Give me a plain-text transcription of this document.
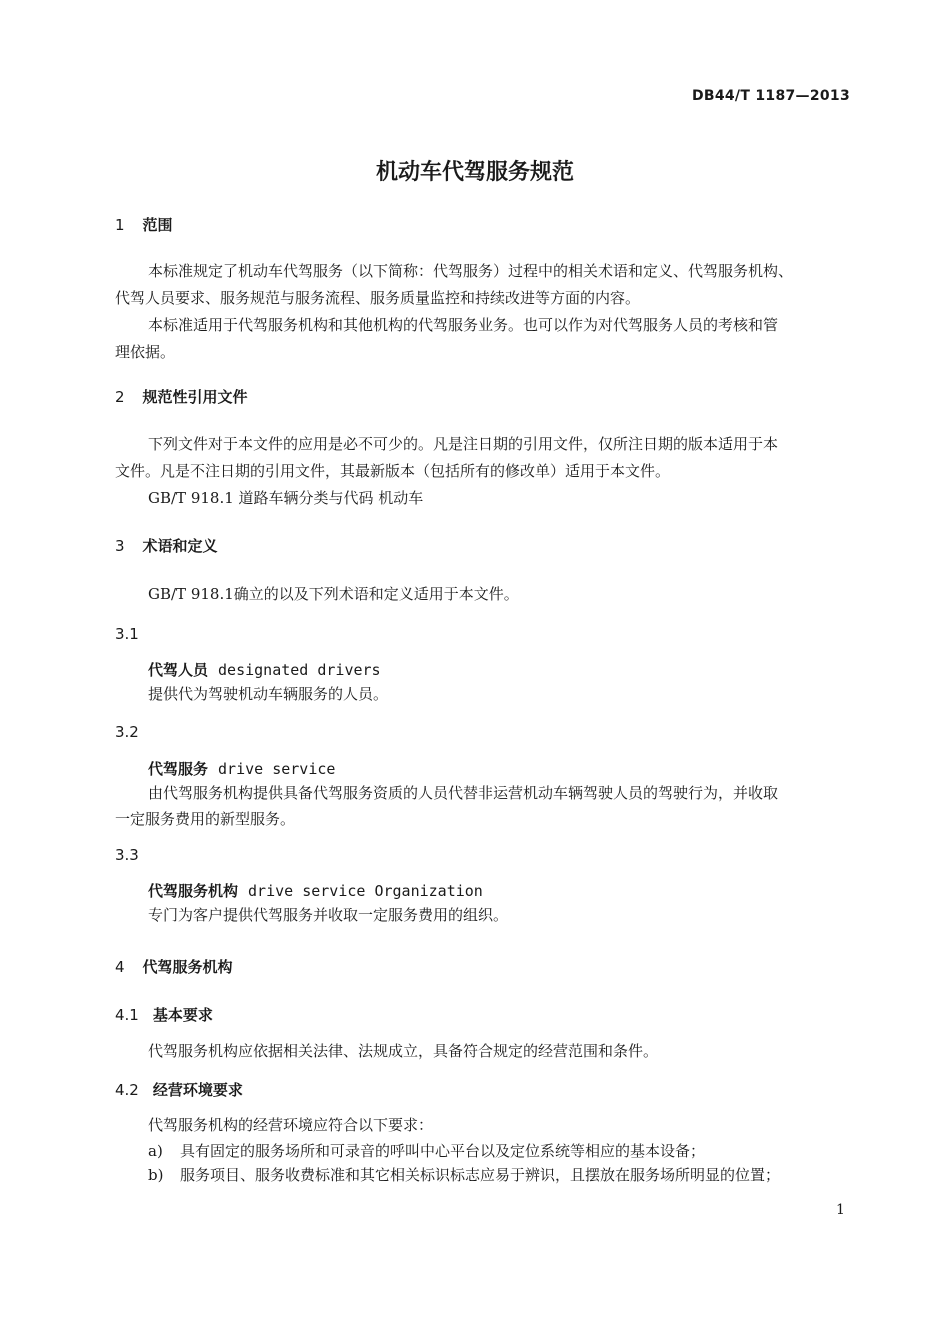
DB44/T 1187—2013
机动车代驾服务规范
1 范围
本标准规定了机动车代驾服务（以下简称：代驾服务）过程中的相关术语和定义、代驾服务机构、
代驾人员要求、服务规范与服务流程、服务质量监控和持续改进等方面的内容。
本标准适用于代驾服务机构和其他机构的代驾服务业务。也可以作为对代驾服务人员的考核和管
理依据。
2 规范性引用文件
下列文件对于本文件的应用是必不可少的。凡是注日期的引用文件，仅所注日期的版本适用于本
文件。凡是不注日期的引用文件，其最新版本（包括所有的修改单）适用于本文件。
GB/T 918.1 道路车辆分类与代码 机动车
3 术语和定义
GB/T 918.1确立的以及下列术语和定义适用于本文件。
3.1
代驾人员 designated drivers
提供代为驾驶机动车辆服务的人员。
3.2
代驾服务 drive service
由代驾服务机构提供具备代驾服务资质的人员代替非运营机动车辆驾驶人员的驾驶行为，并收取
一定服务费用的新型服务。
3.3
代驾服务机构 drive service Organization
专门为客户提供代驾服务并收取一定服务费用的组织。
4 代驾服务机构
4.1 基本要求
代驾服务机构应依据相关法律、法规成立，具备符合规定的经营范围和条件。
4.2 经营环境要求
代驾服务机构的经营环境应符合以下要求：
a) 具有固定的服务场所和可录音的呼叫中心平台以及定位系统等相应的基本设备；
b) 服务项目、服务收费标准和其它相关标识标志应易于辨识，且摆放在服务场所明显的位置；
1
